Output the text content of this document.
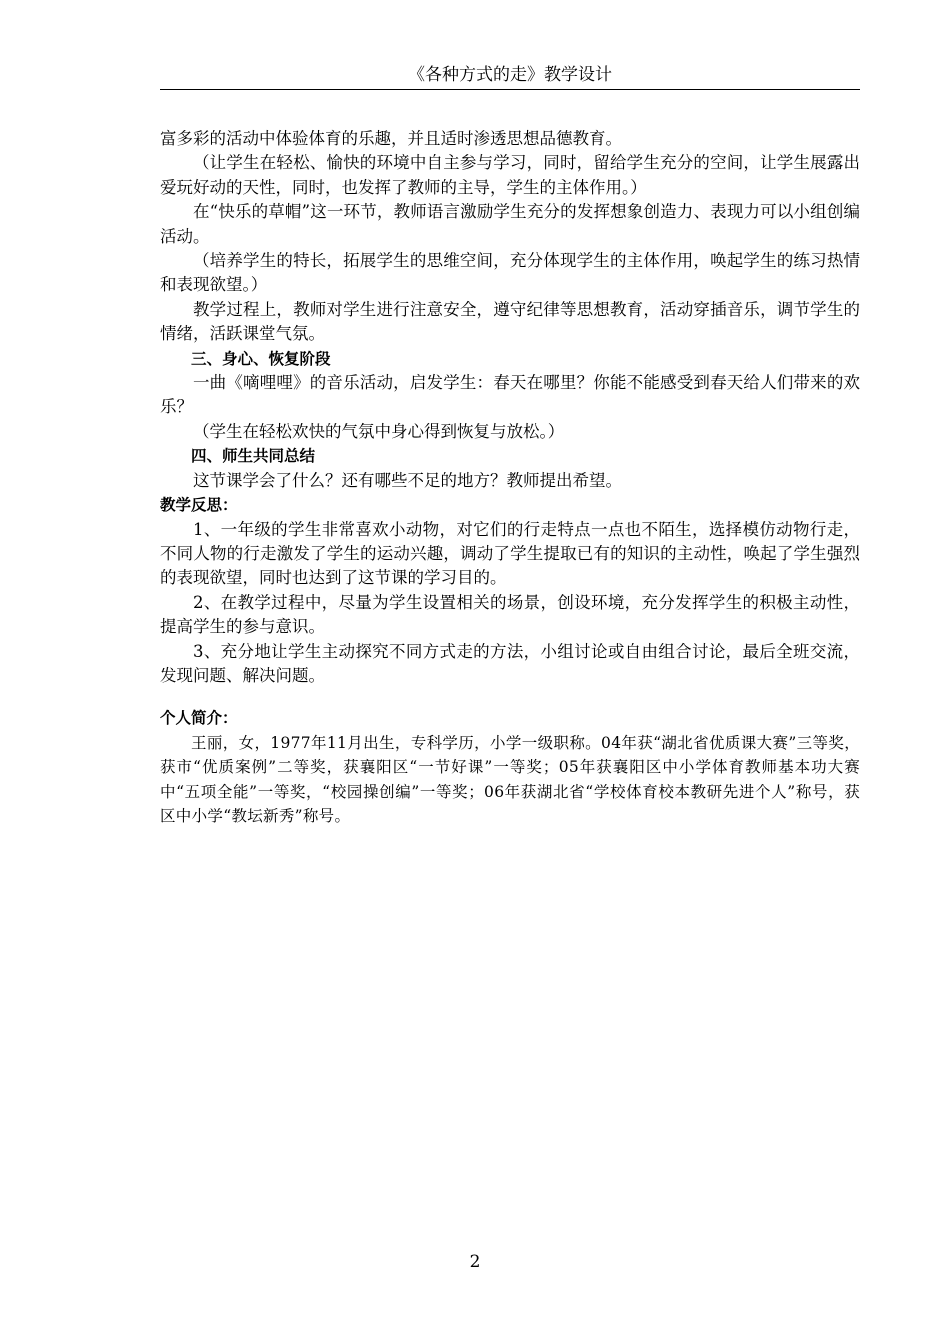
《各种方式的走》教学设计

富多彩的活动中体验体育的乐趣，并且适时渗透思想品德教育。

（让学生在轻松、愉快的环境中自主参与学习，同时，留给学生充分的空间，让学生展露出爱玩好动的天性，同时，也发挥了教师的主导，学生的主体作用。）

在“快乐的草帽”这一环节，教师语言激励学生充分的发挥想象创造力、表现力可以小组创编活动。

（培养学生的特长，拓展学生的思维空间，充分体现学生的主体作用，唤起学生的练习热情和表现欲望。）

教学过程上，教师对学生进行注意安全，遵守纪律等思想教育，活动穿插音乐，调节学生的情绪，活跃课堂气氛。

三、身心、恢复阶段

一曲《嘀哩哩》的音乐活动，启发学生：春天在哪里？你能不能感受到春天给人们带来的欢乐？

（学生在轻松欢快的气氛中身心得到恢复与放松。）

四、师生共同总结

这节课学会了什么？还有哪些不足的地方？教师提出希望。

教学反思：

1、一年级的学生非常喜欢小动物，对它们的行走特点一点也不陌生，选择模仿动物行走，不同人物的行走激发了学生的运动兴趣，调动了学生提取已有的知识的主动性，唤起了学生强烈的表现欲望，同时也达到了这节课的学习目的。

2、在教学过程中，尽量为学生设置相关的场景，创设环境，充分发挥学生的积极主动性，提高学生的参与意识。

3、充分地让学生主动探究不同方式走的方法，小组讨论或自由组合讨论，最后全班交流，发现问题、解决问题。

个人简介：

王丽，女，1977年11月出生，专科学历，小学一级职称。04年获“湖北省优质课大赛”三等奖，获市“优质案例”二等奖，获襄阳区“一节好课”一等奖；05年获襄阳区中小学体育教师基本功大赛中“五项全能”一等奖，“校园操创编”一等奖；06年获湖北省“学校体育校本教研先进个人”称号，获区中小学“教坛新秀”称号。

2
